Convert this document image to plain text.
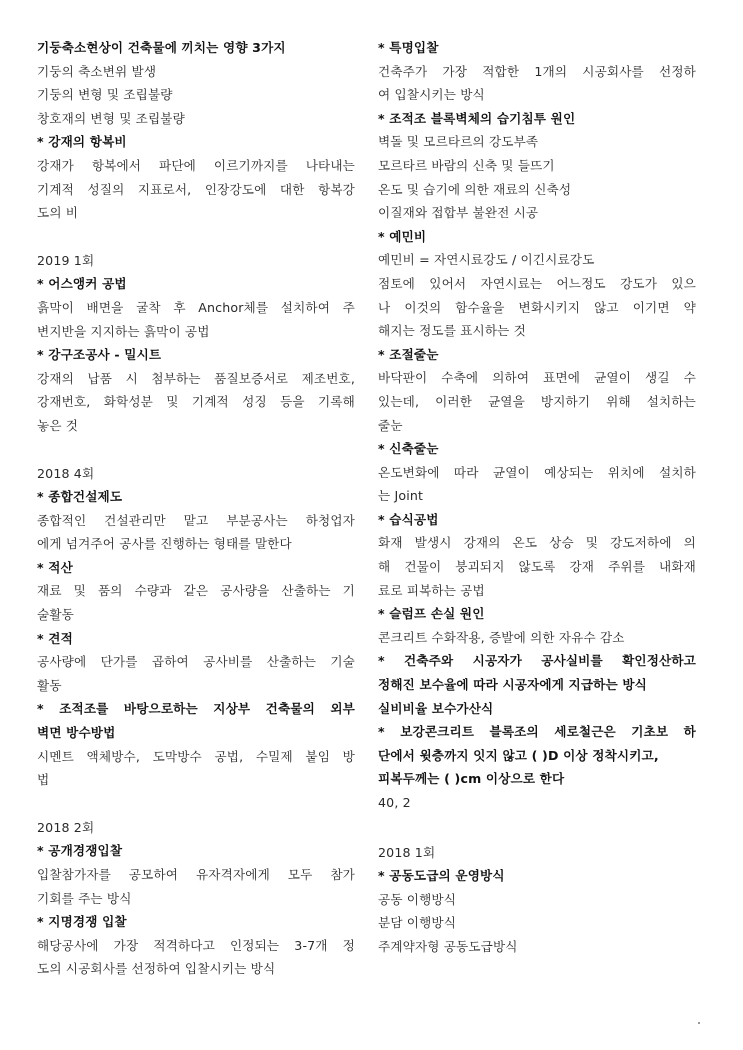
기둥축소현상이 건축물에 끼치는 영향 3가지
기둥의 축소변위 발생
기둥의 변형 및 조립불량
창호재의 변형 및 조립불량
* 강재의 항복비
강재가 항복에서 파단에 이르기까지를 나타내는
기계적 성질의 지표로서, 인장강도에 대한 항복강
도의 비
2019 1회
* 어스앵커 공법
흙막이 배면을 굴착 후 Anchor체를 설치하여 주
변지반을 지지하는 흙막이 공법
* 강구조공사 - 밀시트
강재의 납품 시 첨부하는 품질보증서로 제조번호,
강재번호, 화학성분 및 기계적 성징 등을 기록해
놓은 것
2018 4회
* 종합건설제도
종합적인 건설관리만 맡고 부분공사는 하청업자
에게 넘겨주어 공사를 진행하는 형태를 말한다
* 적산
재료 및 품의 수량과 같은 공사량을 산출하는 기
술활동
* 견적
공사량에 단가를 곱하여 공사비를 산출하는 기술
활동
* 조적조를 바탕으로하는 지상부 건축물의 외부
벽면 방수방법
시멘트 액체방수, 도막방수 공법, 수밀제 붙임 방
법
2018 2회
* 공개경쟁입찰
입찰참가자를 공모하여 유자격자에게 모두 참가
기회를 주는 방식
* 지명경쟁 입찰
해당공사에 가장 적격하다고 인정되는 3-7개 정
도의 시공회사를 선정하여 입찰시키는 방식
* 특명입찰
건축주가 가장 적합한 1개의 시공회사를 선정하
여 입찰시키는 방식
* 조적조 블록벽체의 습기침투 원인
벽돌 및 모르타르의 강도부족
모르타르 바람의 신축 및 들뜨기
온도 및 습기에 의한 재료의 신축성
이질재와 접합부 불완전 시공
* 예민비
예민비 = 자연시료강도 / 이긴시료강도
점토에 있어서 자연시료는 어느정도 강도가 있으
나 이것의 함수율을 변화시키지 않고 이기면 약
해지는 정도를 표시하는 것
* 조절줄눈
바닥판이 수축에 의하여 표면에 균열이 생길 수
있는데, 이러한 균열을 방지하기 위해 설치하는
줄눈
* 신축줄눈
온도변화에 따라 균열이 예상되는 위치에 설치하
는 Joint
* 습식공법
화재 발생시 강재의 온도 상승 및 강도저하에 의
해 건물이 붕괴되지 않도록 강재 주위를 내화재
료로 피복하는 공법
* 슬럼프 손실 원인
콘크리트 수화작용, 증발에 의한 자유수 감소
* 건축주와 시공자가 공사실비를 확인정산하고
정해진 보수율에 따라 시공자에게 지급하는 방식
실비비율 보수가산식
* 보강콘크리트 블록조의 세로철근은 기초보 하
단에서 윗층까지 잇지 않고 ( )D 이상 정착시키고,
피복두께는 ( )cm 이상으로 한다
40, 2
2018 1회
* 공동도급의 운영방식
공동 이행방식
분담 이행방식
주계약자형 공동도급방식
